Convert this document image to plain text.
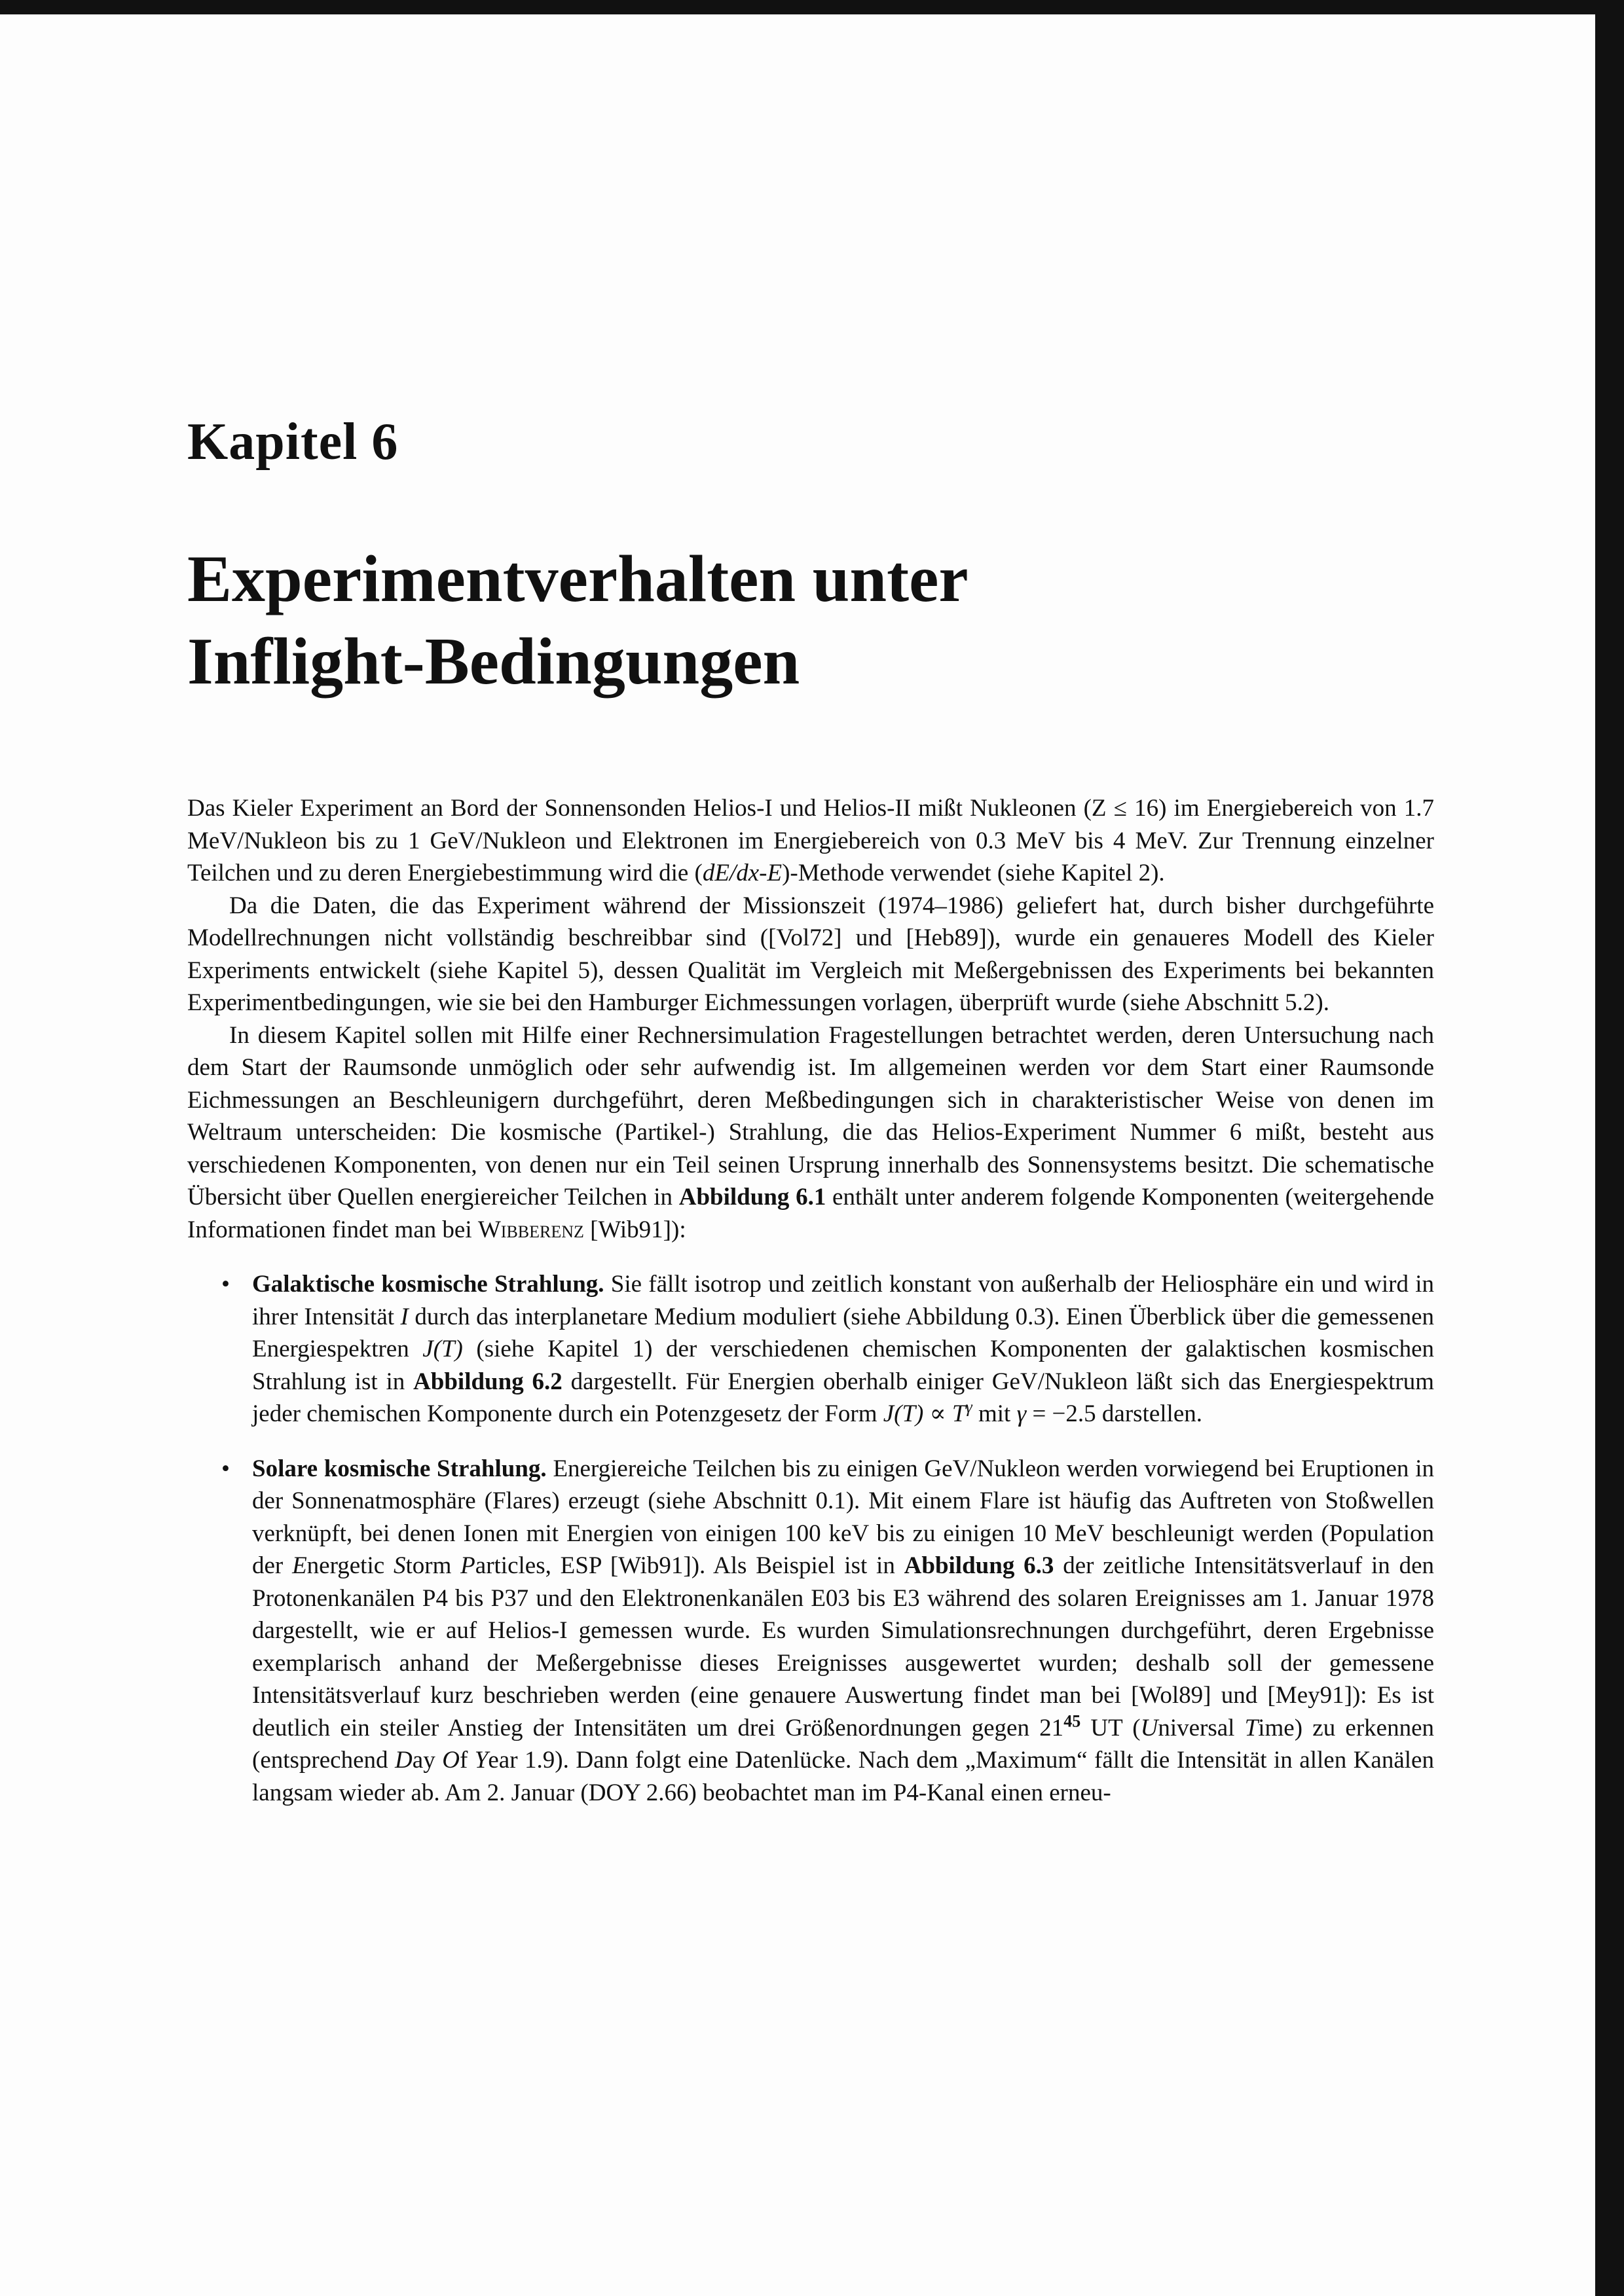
Kapitel 6
Experimentverhalten unter
Inflight-Bedingungen

Das Kieler Experiment an Bord der Sonnensonden Helios-I und Helios-II mißt Nukleonen (Z ≤ 16) im Energiebereich von 1.7 MeV/Nukleon bis zu 1 GeV/Nukleon und Elektronen im Energiebereich von 0.3 MeV bis 4 MeV. Zur Trennung einzelner Teilchen und zu deren Energiebestimmung wird die (dE/dx-E)-Methode verwendet (siehe Kapitel 2).

Da die Daten, die das Experiment während der Missionszeit (1974–1986) geliefert hat, durch bisher durchgeführte Modellrechnungen nicht vollständig beschreibbar sind ([Vol72] und [Heb89]), wurde ein genaueres Modell des Kieler Experiments entwickelt (siehe Kapitel 5), dessen Qualität im Vergleich mit Meßergebnissen des Experiments bei bekannten Experimentbedingungen, wie sie bei den Hamburger Eichmessungen vorlagen, überprüft wurde (siehe Abschnitt 5.2).

In diesem Kapitel sollen mit Hilfe einer Rechnersimulation Fragestellungen betrachtet werden, deren Untersuchung nach dem Start der Raumsonde unmöglich oder sehr aufwendig ist. Im allgemeinen werden vor dem Start einer Raumsonde Eichmessungen an Beschleunigern durchgeführt, deren Meßbedingungen sich in charakteristischer Weise von denen im Weltraum unterscheiden: Die kosmische (Partikel-) Strahlung, die das Helios-Experiment Nummer 6 mißt, besteht aus verschiedenen Komponenten, von denen nur ein Teil seinen Ursprung innerhalb des Sonnensystems besitzt. Die schematische Übersicht über Quellen energiereicher Teilchen in Abbildung 6.1 enthält unter anderem folgende Komponenten (weitergehende Informationen findet man bei Wibberenz [Wib91]):

• Galaktische kosmische Strahlung. Sie fällt isotrop und zeitlich konstant von außerhalb der Heliosphäre ein und wird in ihrer Intensität I durch das interplanetare Medium moduliert (siehe Abbildung 0.3). Einen Überblick über die gemessenen Energiespektren J(T) (siehe Kapitel 1) der verschiedenen chemischen Komponenten der galaktischen kosmischen Strahlung ist in Abbildung 6.2 dargestellt. Für Energien oberhalb einiger GeV/Nukleon läßt sich das Energiespektrum jeder chemischen Komponente durch ein Potenzgesetz der Form $J(T) \propto T^\gamma$ mit γ = −2.5 darstellen.
• Solare kosmische Strahlung. Energiereiche Teilchen bis zu einigen GeV/Nukleon werden vorwiegend bei Eruptionen in der Sonnenatmosphäre (Flares) erzeugt (siehe Abschnitt 0.1). Mit einem Flare ist häufig das Auftreten von Stoßwellen verknüpft, bei denen Ionen mit Energien von einigen 100 keV bis zu einigen 10 MeV beschleunigt werden (Population der Energetic Storm Particles, ESP [Wib91]). Als Beispiel ist in Abbildung 6.3 der zeitliche Intensitätsverlauf in den Protonenkanälen P4 bis P37 und den Elektronenkanälen E03 bis E3 während des solaren Ereignisses am 1. Januar 1978 dargestellt, wie er auf Helios-I gemessen wurde. Es wurden Simulationsrechnungen durchgeführt, deren Ergebnisse exemplarisch anhand der Meßergebnisse dieses Ereignisses ausgewertet wurden; deshalb soll der gemessene Intensitätsverlauf kurz beschrieben werden (eine genauere Auswertung findet man bei [Wol89] und [Mey91]): Es ist deutlich ein steiler Anstieg der Intensitäten um drei Größenordnungen gegen $21^{45}$ UT (Universal Time) zu erkennen (entsprechend Day Of Year 1.9). Dann folgt eine Datenlücke. Nach dem „Maximum“ fällt die Intensität in allen Kanälen langsam wieder ab. Am 2. Januar (DOY 2.66) beobachtet man im P4-Kanal einen erneu-
